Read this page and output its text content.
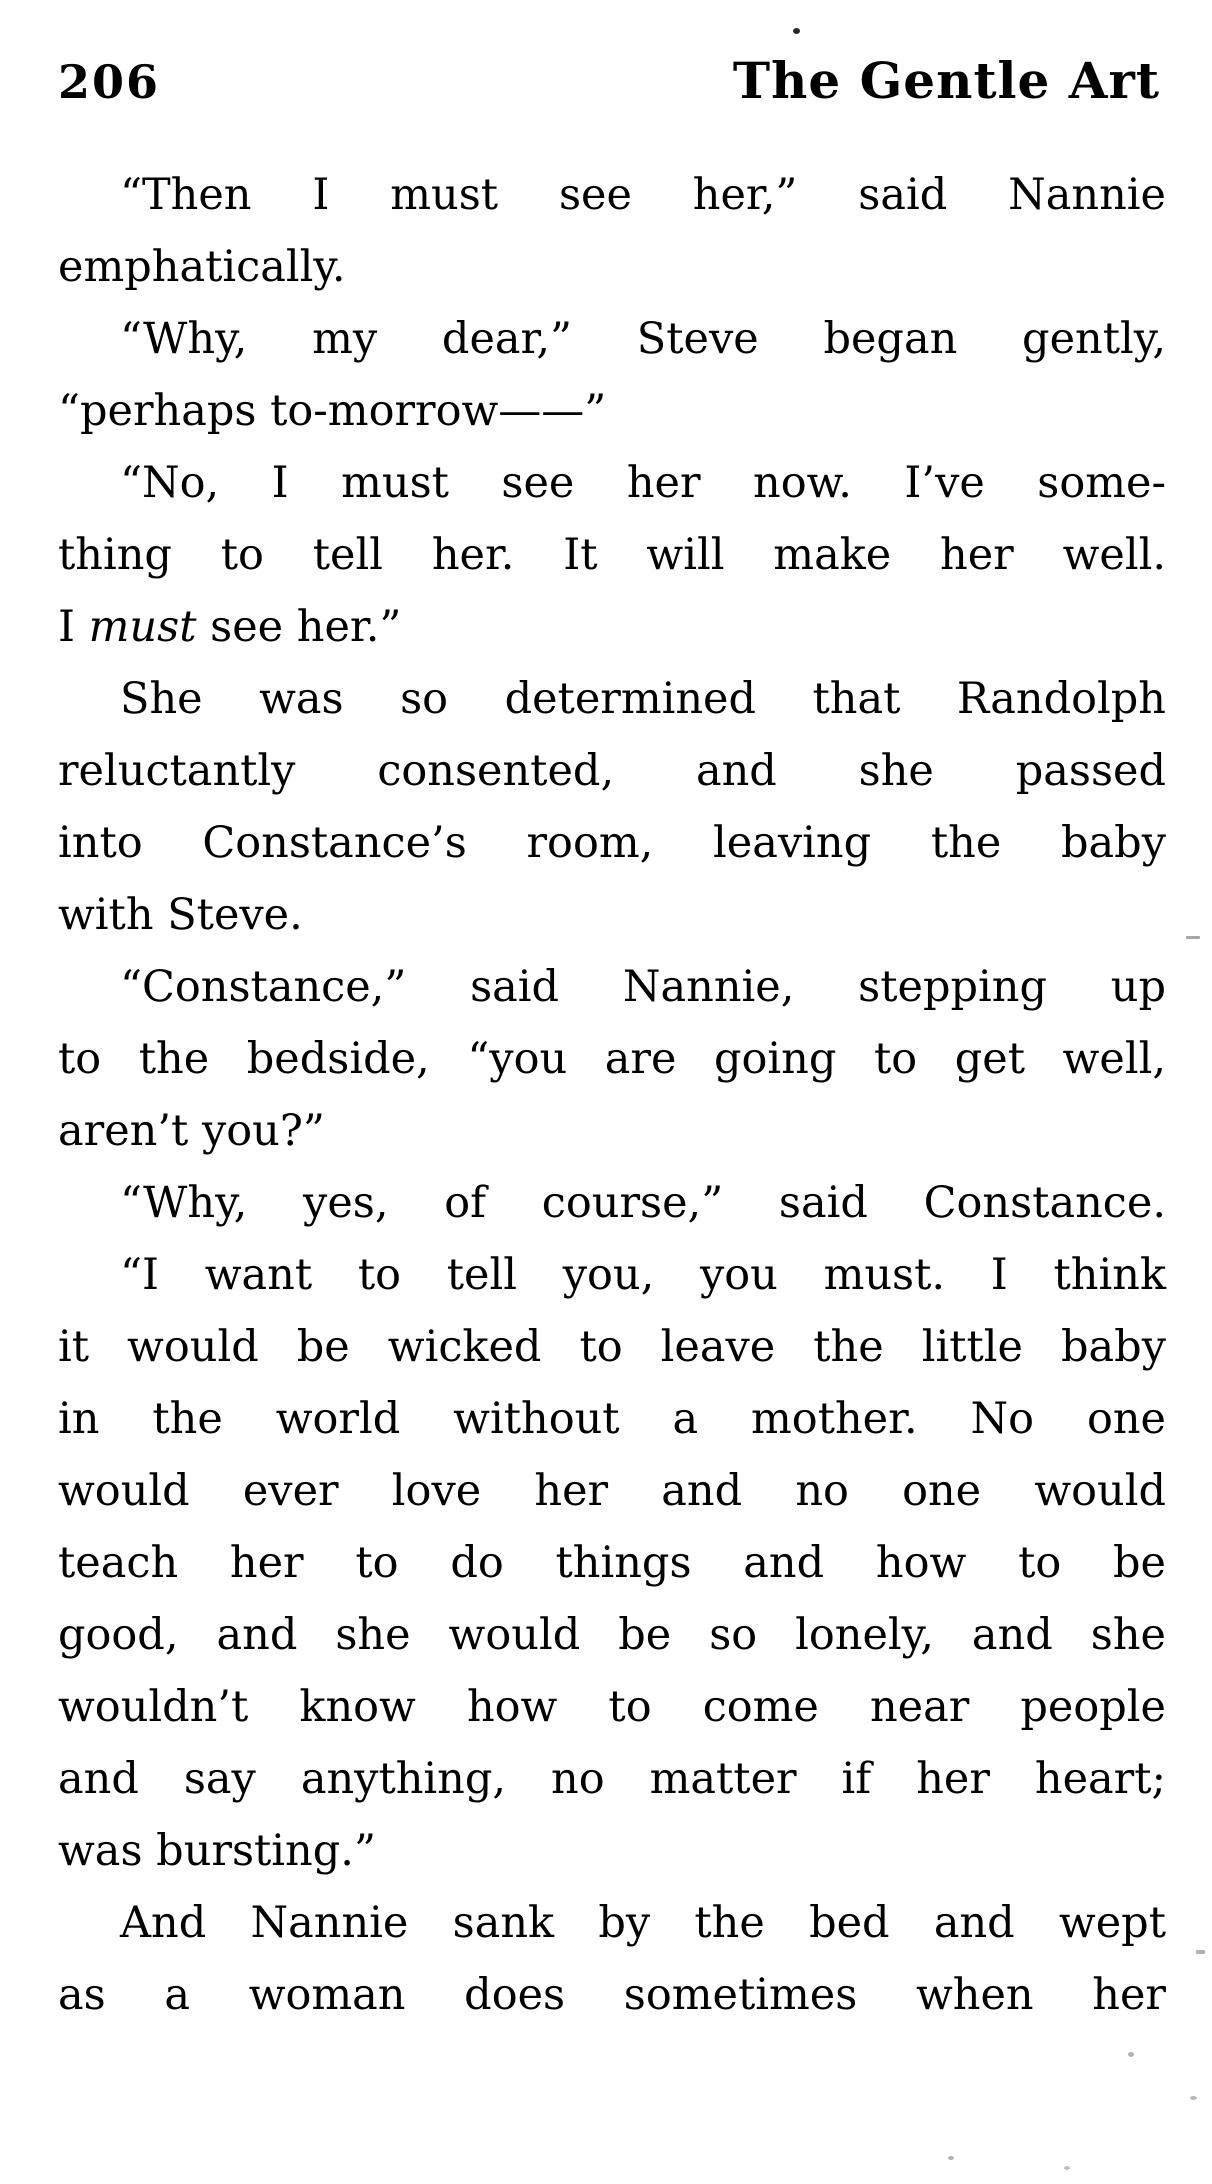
206	The Gentle Art
“Then I must see her,” said Nannie
emphatically.
“Why, my dear,” Steve began gently,
“perhaps to-morrow——”
“No, I must see her now. I’ve some-
thing to tell her. It will make her well.
I must see her.”
She was so determined that Randolph
reluctantly consented, and she passed
into Constance’s room, leaving the baby
with Steve.
“Constance,” said Nannie, stepping up
to the bedside, “you are going to get well,
aren’t you?”
“Why, yes, of course,” said Constance.
“I want to tell you, you must. I think
it would be wicked to leave the little baby
in the world without a mother. No one
would ever love her and no one would
teach her to do things and how to be
good, and she would be so lonely, and she
wouldn’t know how to come near people
and say anything, no matter if her heart;
was bursting.”
And Nannie sank by the bed and wept
as a woman does sometimes when her
